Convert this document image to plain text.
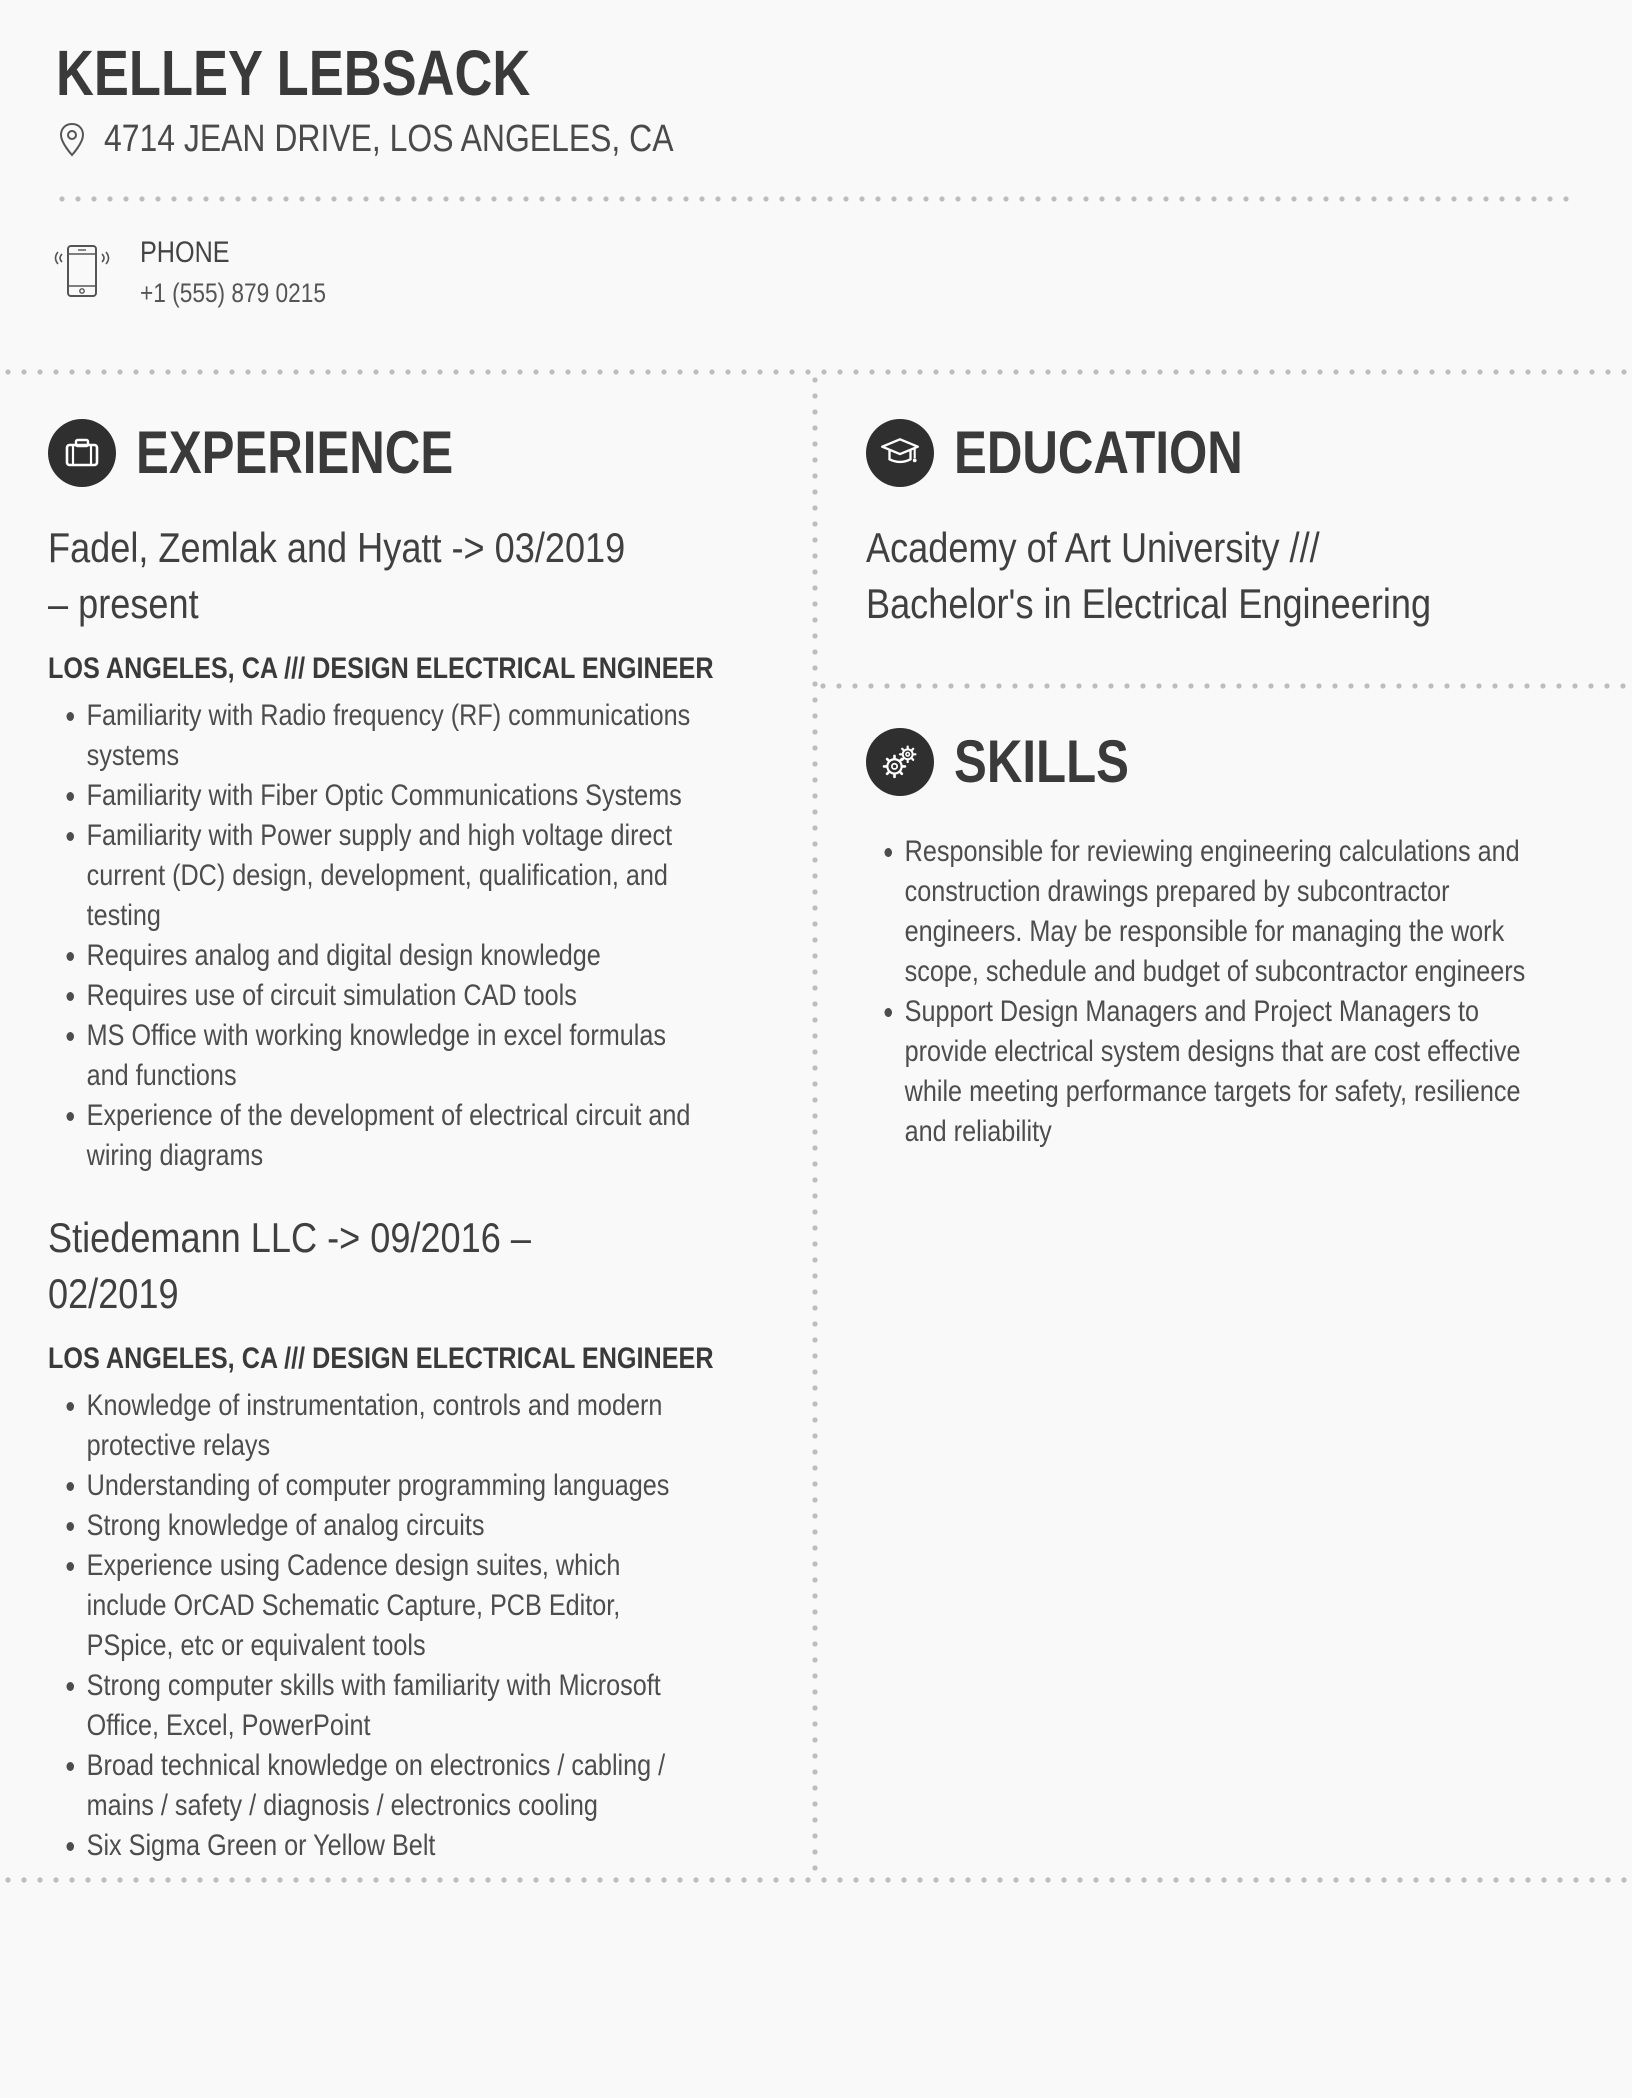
KELLEY LEBSACK
4714 JEAN DRIVE, LOS ANGELES, CA
PHONE
+1 (555) 879 0215
EXPERIENCE

Fadel, Zemlak and Hyatt -> 03/2019 – present

LOS ANGELES, CA /// DESIGN ELECTRICAL ENGINEER
• Familiarity with Radio frequency (RF) communications systems
• Familiarity with Fiber Optic Communications Systems
• Familiarity with Power supply and high voltage direct current (DC) design, development, qualification, and testing
• Requires analog and digital design knowledge
• Requires use of circuit simulation CAD tools
• MS Office with working knowledge in excel formulas and functions
• Experience of the development of electrical circuit and wiring diagrams

Stiedemann LLC -> 09/2016 – 02/2019

LOS ANGELES, CA /// DESIGN ELECTRICAL ENGINEER
• Knowledge of instrumentation, controls and modern protective relays
• Understanding of computer programming languages
• Strong knowledge of analog circuits
• Experience using Cadence design suites, which include OrCAD Schematic Capture, PCB Editor, PSpice, etc or equivalent tools
• Strong computer skills with familiarity with Microsoft Office, Excel, PowerPoint
• Broad technical knowledge on electronics / cabling / mains / safety / diagnosis / electronics cooling
• Six Sigma Green or Yellow Belt
EDUCATION

Academy of Art University /// Bachelor's in Electrical Engineering

SKILLS
• Responsible for reviewing engineering calculations and construction drawings prepared by subcontractor engineers. May be responsible for managing the work scope, schedule and budget of subcontractor engineers
• Support Design Managers and Project Managers to provide electrical system designs that are cost effective while meeting performance targets for safety, resilience and reliability
